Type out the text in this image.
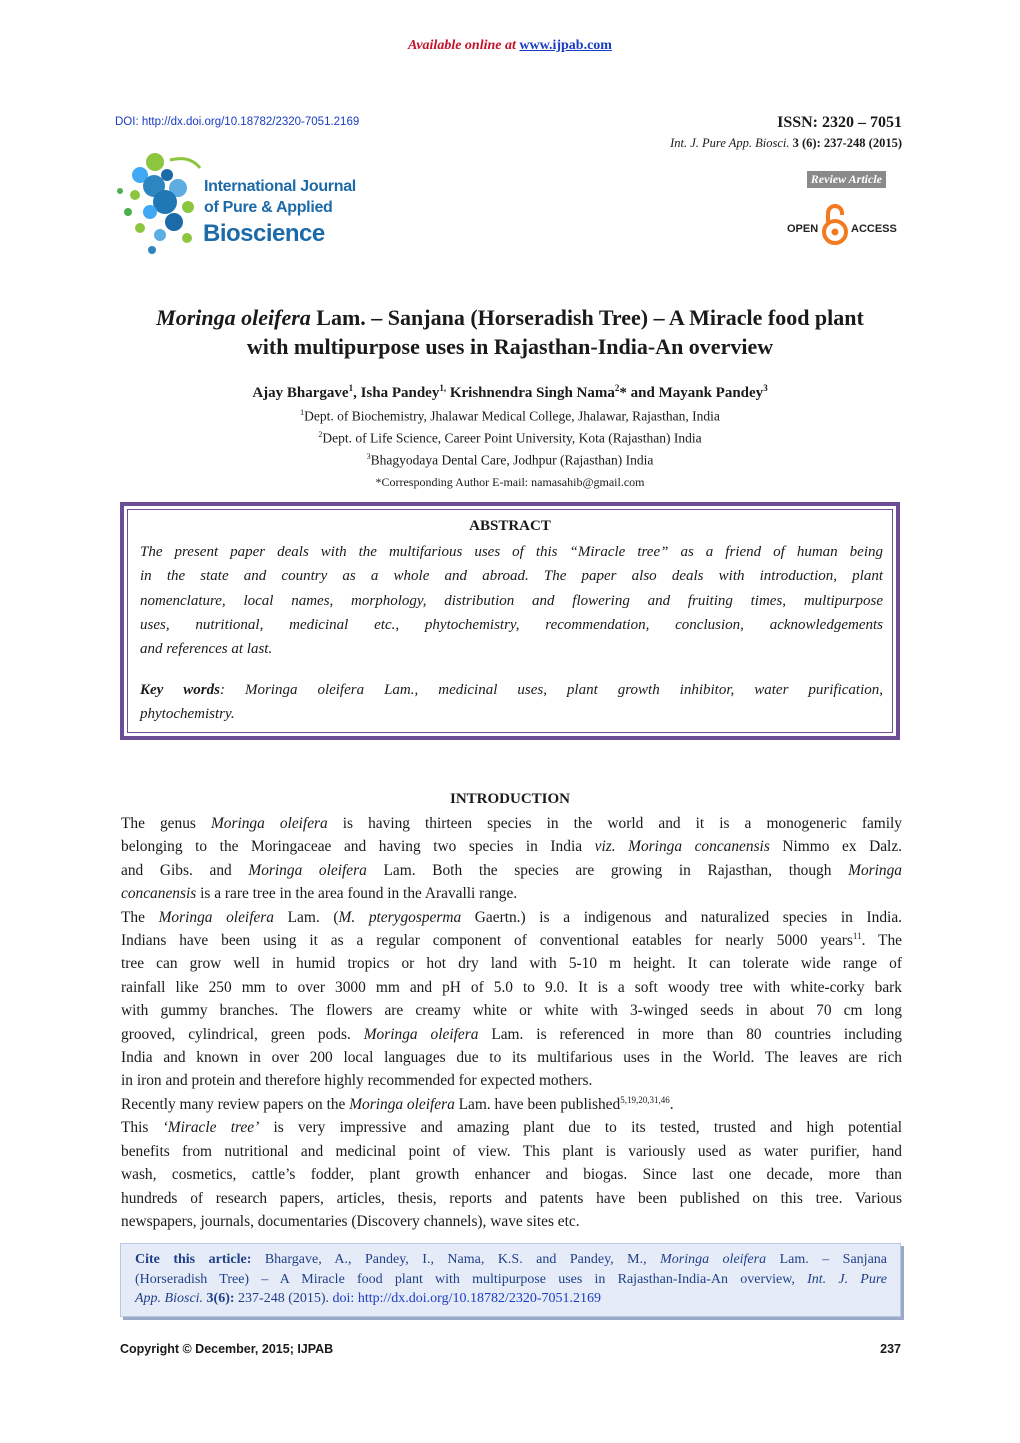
Available online at www.ijpab.com
DOI: http://dx.doi.org/10.18782/2320-7051.2169	ISSN: 2320 – 7051
Int. J. Pure App. Biosci. 3 (6): 237-248 (2015)
Review Article
International Journal
of Pure & Applied
Bioscience	OPEN	ACCESS
Moringa oleifera Lam. – Sanjana (Horseradish Tree) – A Miracle food plant
with multipurpose uses in Rajasthan-India-An overview
Ajay Bhargave$^1$, Isha Pandey$^{1,}$ Krishnendra Singh Nama$^2$* and Mayank Pandey$^3$
$^1$Dept. of Biochemistry, Jhalawar Medical College, Jhalawar, Rajasthan, India
$^2$Dept. of Life Science, Career Point University, Kota (Rajasthan) India
$^3$Bhagyodaya Dental Care, Jodhpur (Rajasthan) India
*Corresponding Author E-mail: namasahib@gmail.com
ABSTRACT
The present paper deals with the multifarious uses of this “Miracle tree” as a friend of human being
in the state and country as a whole and abroad. The paper also deals with introduction, plant
nomenclature, local names, morphology, distribution and flowering and fruiting times, multipurpose
uses, nutritional, medicinal etc., phytochemistry, recommendation, conclusion, acknowledgements
and references at last.
Key words: Moringa oleifera Lam., medicinal uses, plant growth inhibitor, water purification,
phytochemistry.
INTRODUCTION
The genus Moringa oleifera is having thirteen species in the world and it is a monogeneric family
belonging to the Moringaceae and having two species in India viz. Moringa concanensis Nimmo ex Dalz.
and Gibs. and Moringa oleifera Lam. Both the species are growing in Rajasthan, though Moringa
concanensis is a rare tree in the area found in the Aravalli range.
The Moringa oleifera Lam. (M. pterygosperma Gaertn.) is a indigenous and naturalized species in India.
Indians have been using it as a regular component of conventional eatables for nearly 5000 years$^{11}$. The
tree can grow well in humid tropics or hot dry land with 5-10 m height. It can tolerate wide range of
rainfall like 250 mm to over 3000 mm and pH of 5.0 to 9.0. It is a soft woody tree with white-corky bark
with gummy branches. The flowers are creamy white or white with 3-winged seeds in about 70 cm long
grooved, cylindrical, green pods. Moringa oleifera Lam. is referenced in more than 80 countries including
India and known in over 200 local languages due to its multifarious uses in the World. The leaves are rich
in iron and protein and therefore highly recommended for expected mothers.
Recently many review papers on the Moringa oleifera Lam. have been published$^{5,19,20,31,46}$.
This ‘Miracle tree’ is very impressive and amazing plant due to its tested, trusted and high potential
benefits from nutritional and medicinal point of view. This plant is variously used as water purifier, hand
wash, cosmetics, cattle’s fodder, plant growth enhancer and biogas. Since last one decade, more than
hundreds of research papers, articles, thesis, reports and patents have been published on this tree. Various
newspapers, journals, documentaries (Discovery channels), wave sites etc.
Cite this article: Bhargave, A., Pandey, I., Nama, K.S. and Pandey, M., Moringa oleifera Lam. – Sanjana
(Horseradish Tree) – A Miracle food plant with multipurpose uses in Rajasthan-India-An overview, Int. J. Pure
App. Biosci. 3(6): 237-248 (2015). doi: http://dx.doi.org/10.18782/2320-7051.2169
Copyright © December, 2015; IJPAB	237
